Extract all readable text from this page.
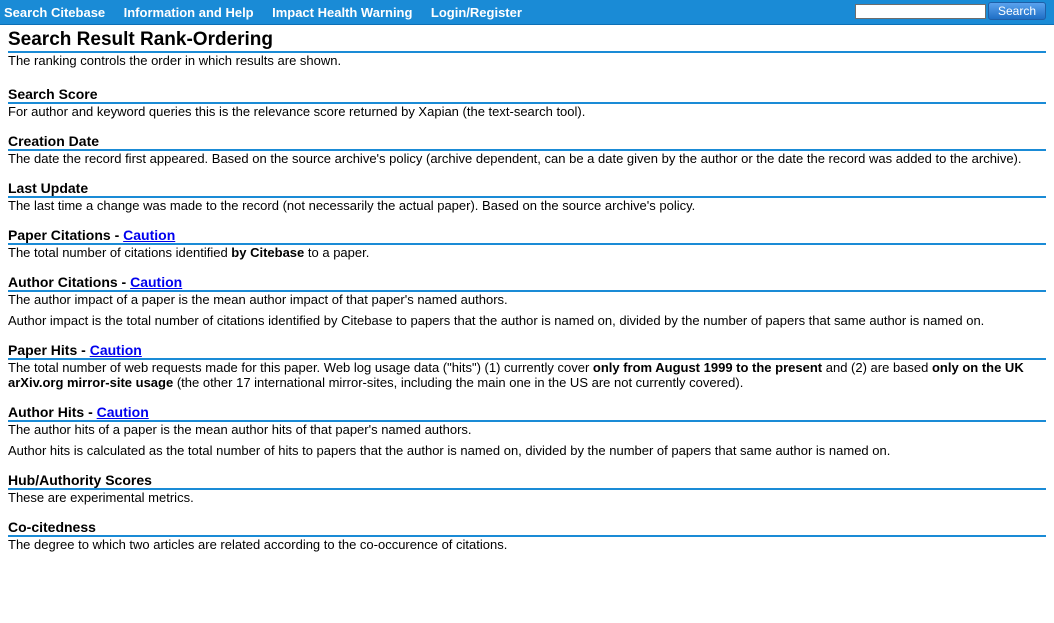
Search Citebase Information and Help Impact Health Warning Login/Register	Search
Search Result Rank-Ordering
The ranking controls the order in which results are shown.
Search Score

For author and keyword queries this is the relevance score returned by Xapian (the text-search tool).

Creation Date

The date the record first appeared. Based on the source archive's policy (archive dependent, can be a date given by the author or the date the record was added to the archive).

Last Update

The last time a change was made to the record (not necessarily the actual paper). Based on the source archive's policy.

Paper Citations - Caution

The total number of citations identified by Citebase to a paper.

Author Citations - Caution

The author impact of a paper is the mean author impact of that paper's named authors.

Author impact is the total number of citations identified by Citebase to papers that the author is named on, divided by the number of papers that same author is named on.

Paper Hits - Caution

The total number of web requests made for this paper. Web log usage data ("hits") (1) currently cover only from August 1999 to the present and (2) are based only on the UK arXiv.org mirror-site usage (the other 17 international mirror-sites, including the main one in the US are not currently covered).

Author Hits - Caution

The author hits of a paper is the mean author hits of that paper's named authors.

Author hits is calculated as the total number of hits to papers that the author is named on, divided by the number of papers that same author is named on.

Hub/Authority Scores

These are experimental metrics.

Co-citedness

The degree to which two articles are related according to the co-occurence of citations.
